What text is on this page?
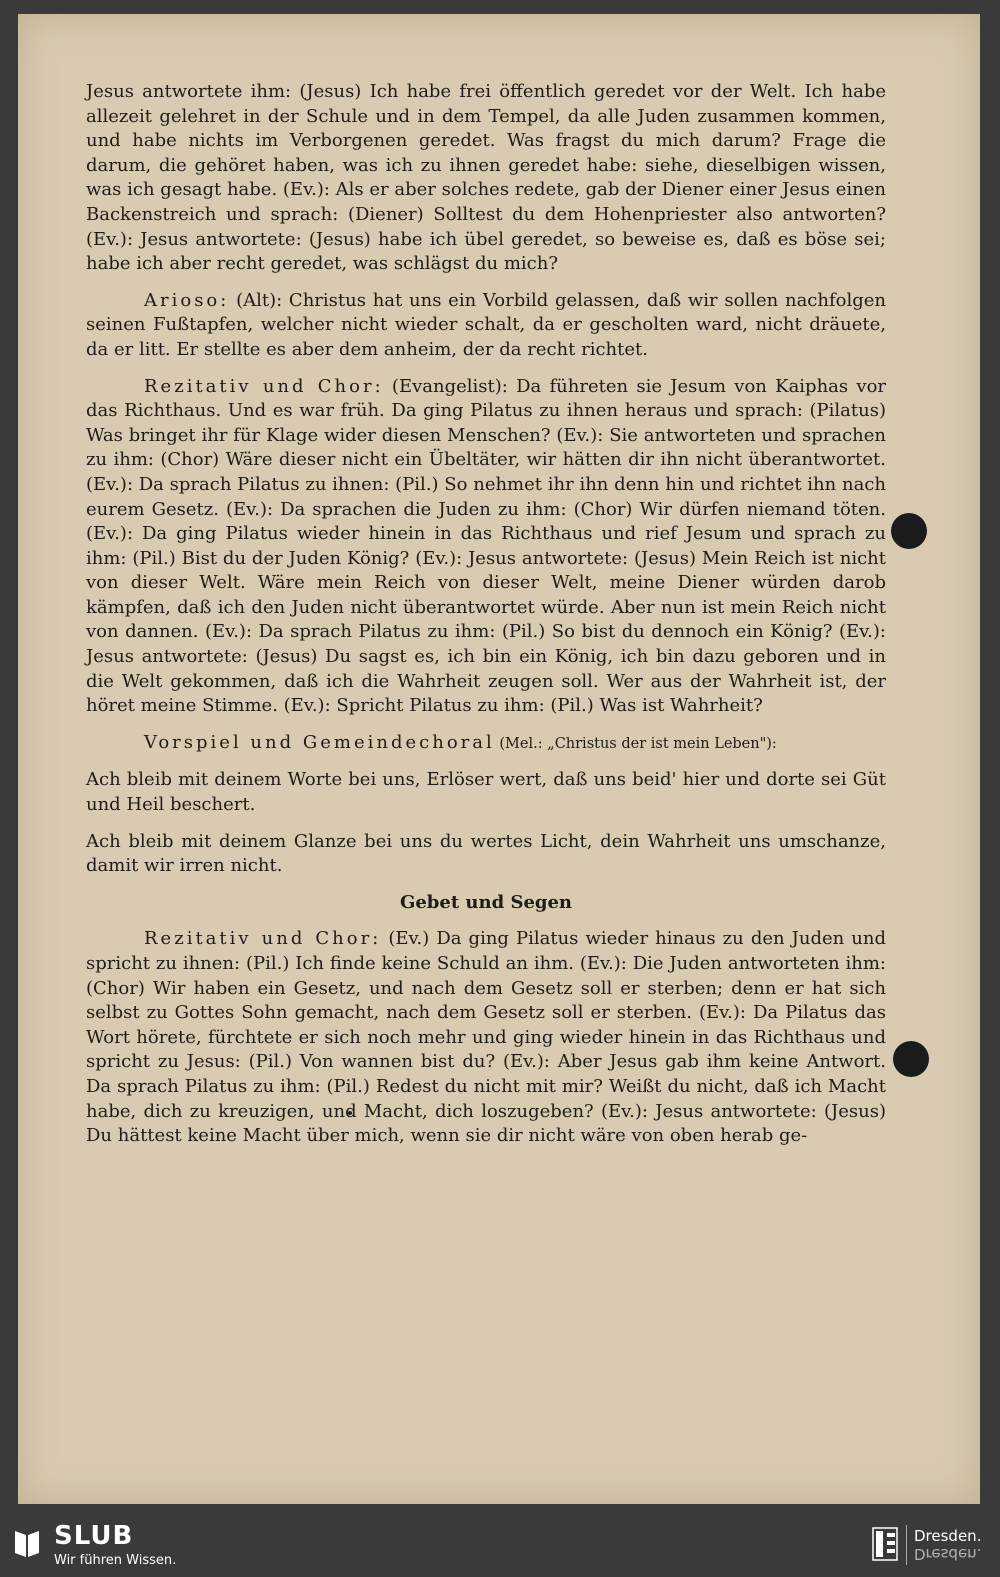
Jesus antwortete ihm: (Jesus) Ich habe frei öffentlich geredet vor der Welt. Ich habe allezeit gelehret in der Schule und in dem Tempel, da alle Juden zusammen kommen, und habe nichts im Verborgenen geredet. Was fragst du mich darum? Frage die darum, die gehöret haben, was ich zu ihnen geredet habe: siehe, dieselbigen wissen, was ich gesagt habe. (Ev.): Als er aber solches redete, gab der Diener einer Jesus einen Backenstreich und sprach: (Diener) Solltest du dem Hohenpriester also antworten? (Ev.): Jesus antwortete: (Jesus) habe ich übel geredet, so beweise es, daß es böse sei; habe ich aber recht geredet, was schlägst du mich?

Arioso: (Alt): Christus hat uns ein Vorbild gelassen, daß wir sollen nachfolgen seinen Fußtapfen, welcher nicht wieder schalt, da er gescholten ward, nicht dräuete, da er litt. Er stellte es aber dem anheim, der da recht richtet.

Rezitativ und Chor: (Evangelist): Da führeten sie Jesum von Kaiphas vor das Richthaus. Und es war früh. Da ging Pilatus zu ihnen heraus und sprach: (Pilatus) Was bringet ihr für Klage wider diesen Menschen? (Ev.): Sie antworteten und sprachen zu ihm: (Chor) Wäre dieser nicht ein Übeltäter, wir hätten dir ihn nicht überantwortet. (Ev.): Da sprach Pilatus zu ihnen: (Pil.) So nehmet ihr ihn denn hin und richtet ihn nach eurem Gesetz. (Ev.): Da sprachen die Juden zu ihm: (Chor) Wir dürfen niemand töten. (Ev.): Da ging Pilatus wieder hinein in das Richthaus und rief Jesum und sprach zu ihm: (Pil.) Bist du der Juden König? (Ev.): Jesus antwortete: (Jesus) Mein Reich ist nicht von dieser Welt. Wäre mein Reich von dieser Welt, meine Diener würden darob kämpfen, daß ich den Juden nicht überantwortet würde. Aber nun ist mein Reich nicht von dannen. (Ev.): Da sprach Pilatus zu ihm: (Pil.) So bist du dennoch ein König? (Ev.): Jesus antwortete: (Jesus) Du sagst es, ich bin ein König, ich bin dazu geboren und in die Welt gekommen, daß ich die Wahrheit zeugen soll. Wer aus der Wahrheit ist, der höret meine Stimme. (Ev.): Spricht Pilatus zu ihm: (Pil.) Was ist Wahrheit?

Vorspiel und Gemeindechoral (Mel.: „Christus der ist mein Leben"):

Ach bleib mit deinem Worte bei uns, Erlöser wert, daß uns beid' hier und dorte sei Güt und Heil beschert.

Ach bleib mit deinem Glanze bei uns du wertes Licht, dein Wahrheit uns umschanze, damit wir irren nicht.

Gebet und Segen

Rezitativ und Chor: (Ev.) Da ging Pilatus wieder hinaus zu den Juden und spricht zu ihnen: (Pil.) Ich finde keine Schuld an ihm. (Ev.): Die Juden antworteten ihm: (Chor) Wir haben ein Gesetz, und nach dem Gesetz soll er sterben; denn er hat sich selbst zu Gottes Sohn gemacht, nach dem Gesetz soll er sterben. (Ev.): Da Pilatus das Wort hörete, fürchtete er sich noch mehr und ging wieder hinein in das Richthaus und spricht zu Jesus: (Pil.) Von wannen bist du? (Ev.): Aber Jesus gab ihm keine Antwort. Da sprach Pilatus zu ihm: (Pil.) Redest du nicht mit mir? Weißt du nicht, daß ich Macht habe, dich zu kreuzigen, und Macht, dich loszugeben? (Ev.): Jesus antwortete: (Jesus) Du hättest keine Macht über mich, wenn sie dir nicht wäre von oben herab ge-

SLUB
Wir führen Wissen.
Dresden.
Dresden.
